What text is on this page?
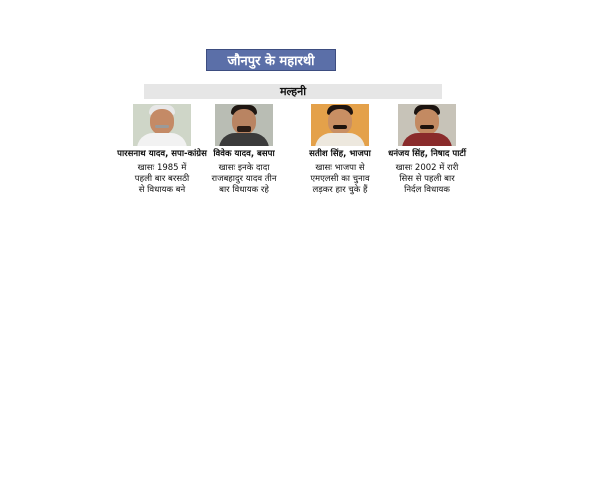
जौनपुर के महारथी
मल्हनी
पारसनाथ यादव, सपा-कांग्रेस
खासः 1985 में
पहली बार बरसठी
से विधायक बने
विवेक यादव, बसपा
खासः इनके दादा
राजबहादुर यादव तीन
बार विधायक रहे
सतीश सिंह, भाजपा
खासः भाजपा से
एमएलसी का चुनाव
लड़कर हार चुके हैं
धनंजय सिंह, निषाद पार्टी
खासः 2002 में रारी
सिस से पहली बार
निर्दल विधायक
